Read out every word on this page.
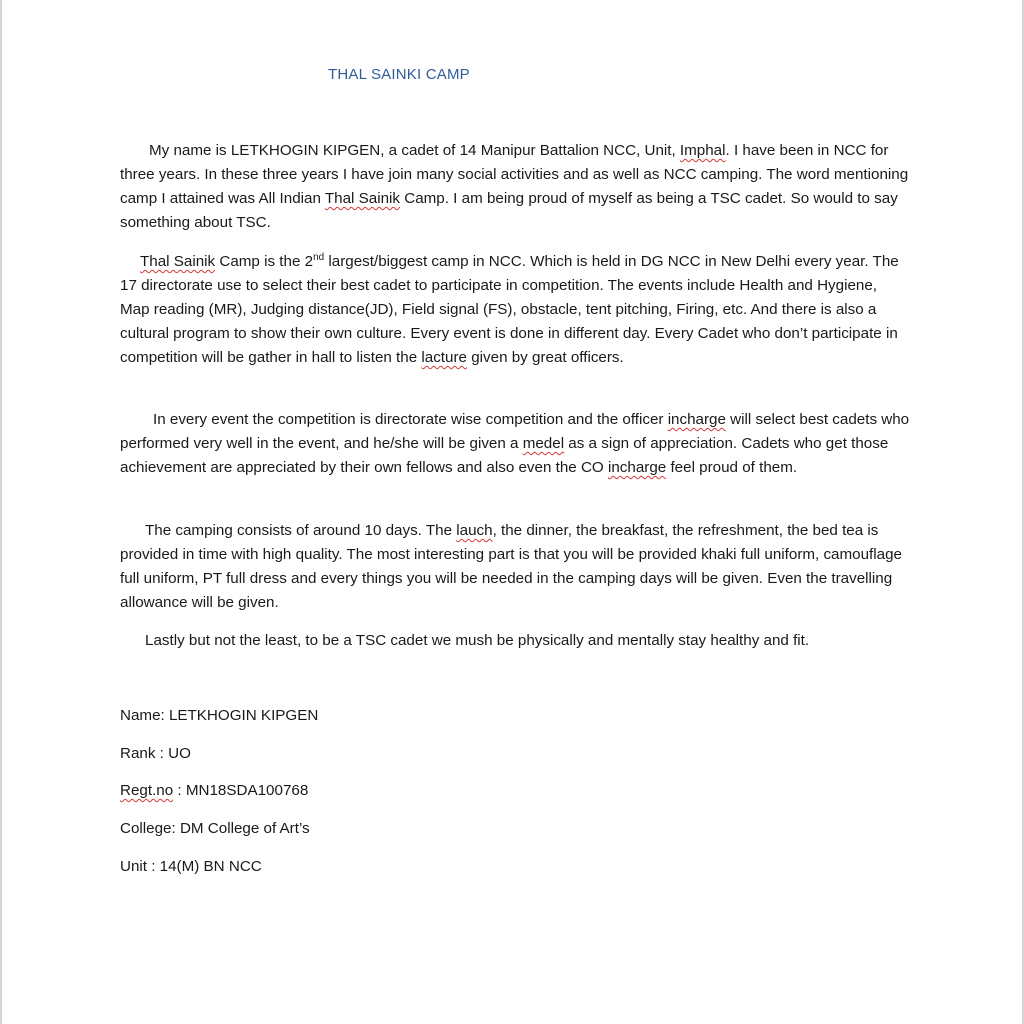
THAL SAINKI CAMP

My name is LETKHOGIN KIPGEN, a cadet of 14 Manipur Battalion NCC, Unit, Imphal. I have been in NCC for three years. In these three years I have join many social activities and as well as NCC camping. The word mentioning camp I attained was All Indian Thal Sainik Camp. I am being proud of myself as being a TSC cadet. So would to say something about TSC.

Thal Sainik Camp is the 2nd largest/biggest camp in NCC. Which is held in DG NCC in New Delhi every year. The 17 directorate use to select their best cadet to participate in competition. The events include Health and Hygiene, Map reading (MR), Judging distance(JD), Field signal (FS), obstacle, tent pitching, Firing, etc. And there is also a cultural program to show their own culture. Every event is done in different day. Every Cadet who don’t participate in competition will be gather in hall to listen the lacture given by great officers.

In every event the competition is directorate wise competition and the officer incharge will select best cadets who performed very well in the event, and he/she will be given a medel as a sign of appreciation. Cadets who get those achievement are appreciated by their own fellows and also even the CO incharge feel proud of them.

The camping consists of around 10 days. The lauch, the dinner, the breakfast, the refreshment, the bed tea is provided in time with high quality. The most interesting part is that you will be provided khaki full uniform, camouflage full uniform, PT full dress and every things you will be needed in the camping days will be given. Even the travelling allowance will be given.

Lastly but not the least, to be a TSC cadet we mush be physically and mentally stay healthy and fit.

Name: LETKHOGIN KIPGEN
Rank : UO
Regt.no : MN18SDA100768
College: DM College of Art’s
Unit : 14(M) BN NCC
